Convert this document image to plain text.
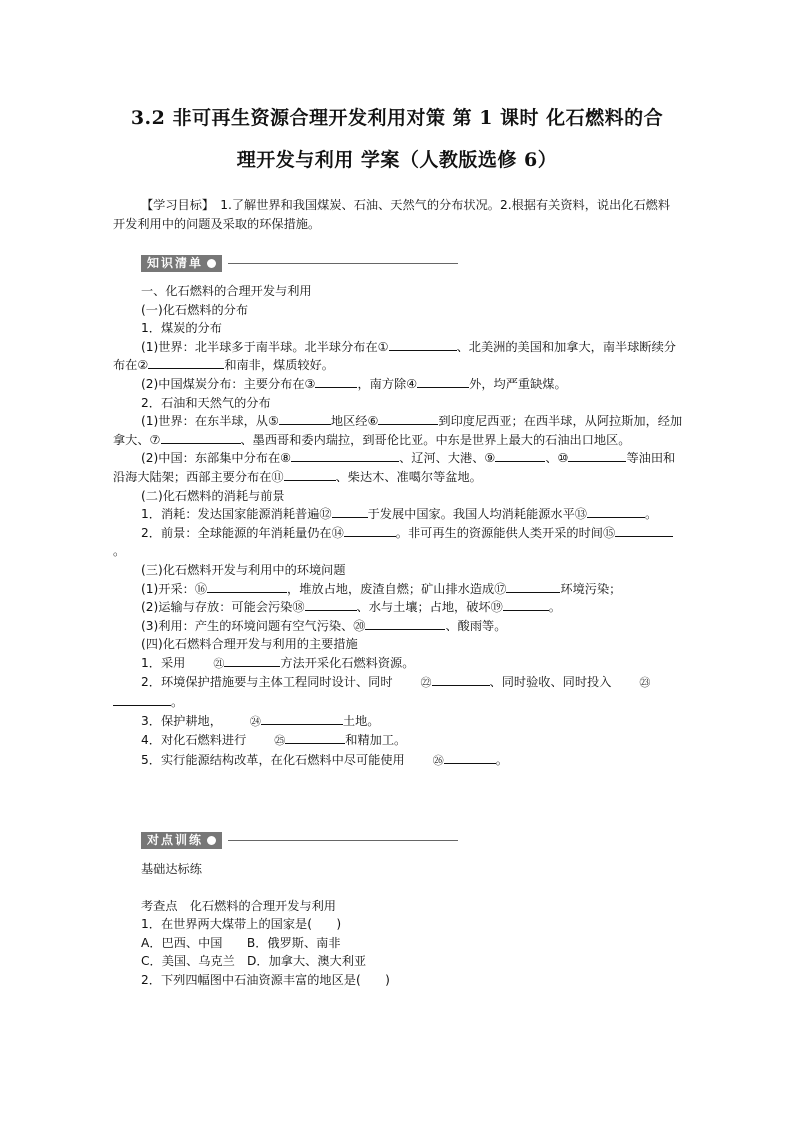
3.2 非可再生资源合理开发利用对策 第 1 课时 化石燃料的合
理开发与利用 学案（人教版选修 6）
【学习目标】　1.了解世界和我国煤炭、石油、天然气的分布状况。2.根据有关资料，说出化石燃料开发利用中的问题及采取的环保措施。
知识清单

一、化石燃料的合理开发与利用

(一)化石燃料的分布

1．煤炭的分布

(1)世界：北半球多于南半球。北半球分布在①	、北美洲的美国和加拿大，南半球断续分布在②	和南非，煤质较好。

(2)中国煤炭分布：主要分布在③	，南方除④	外，均严重缺煤。

2．石油和天然气的分布

(1)世界：在东半球，从⑤	地区经⑥	到印度尼西亚；在西半球，从阿拉斯加，经加拿大、⑦	、墨西哥和委内瑞拉，到哥伦比亚。中东是世界上最大的石油出口地区。

(2)中国：东部集中分布在⑧	、辽河、大港、⑨	、⑩	等油田和沿海大陆架；西部主要分布在⑪	、柴达木、准噶尔等盆地。

(二)化石燃料的消耗与前景

1．消耗：发达国家能源消耗普遍⑫	于发展中国家。我国人均消耗能源水平⑬	。

2．前景：全球能源的年消耗量仍在⑭	。非可再生的资源能供人类开采的时间⑮。

(三)化石燃料开发与利用中的环境问题

(1)开采：⑯	，堆放占地，废渣自燃；矿山排水造成⑰	环境污染；

(2)运输与存放：可能会污染⑱	、水与土壤；占地，破坏⑲	。

(3)利用：产生的环境问题有空气污染、⑳	、酸雨等。

(四)化石燃料合理开发与利用的主要措施

1．采用	㉑	方法开采化石燃料资源。

2．环境保护措施要与主体工程同时设计、同时	㉒	、同时验收、同时投入	㉓。

3．保护耕地，	㉔	土地。

4．对化石燃料进行	㉕	和精加工。

5．实行能源结构改革，在化石燃料中尽可能使用	㉖	。

对点训练

基础达标练

考查点　化石燃料的合理开发与利用

1．在世界两大煤带上的国家是(　　)

A．巴西、中国　　B．俄罗斯、南非

C．美国、乌克兰　D．加拿大、澳大利亚

2．下列四幅图中石油资源丰富的地区是(　　)
